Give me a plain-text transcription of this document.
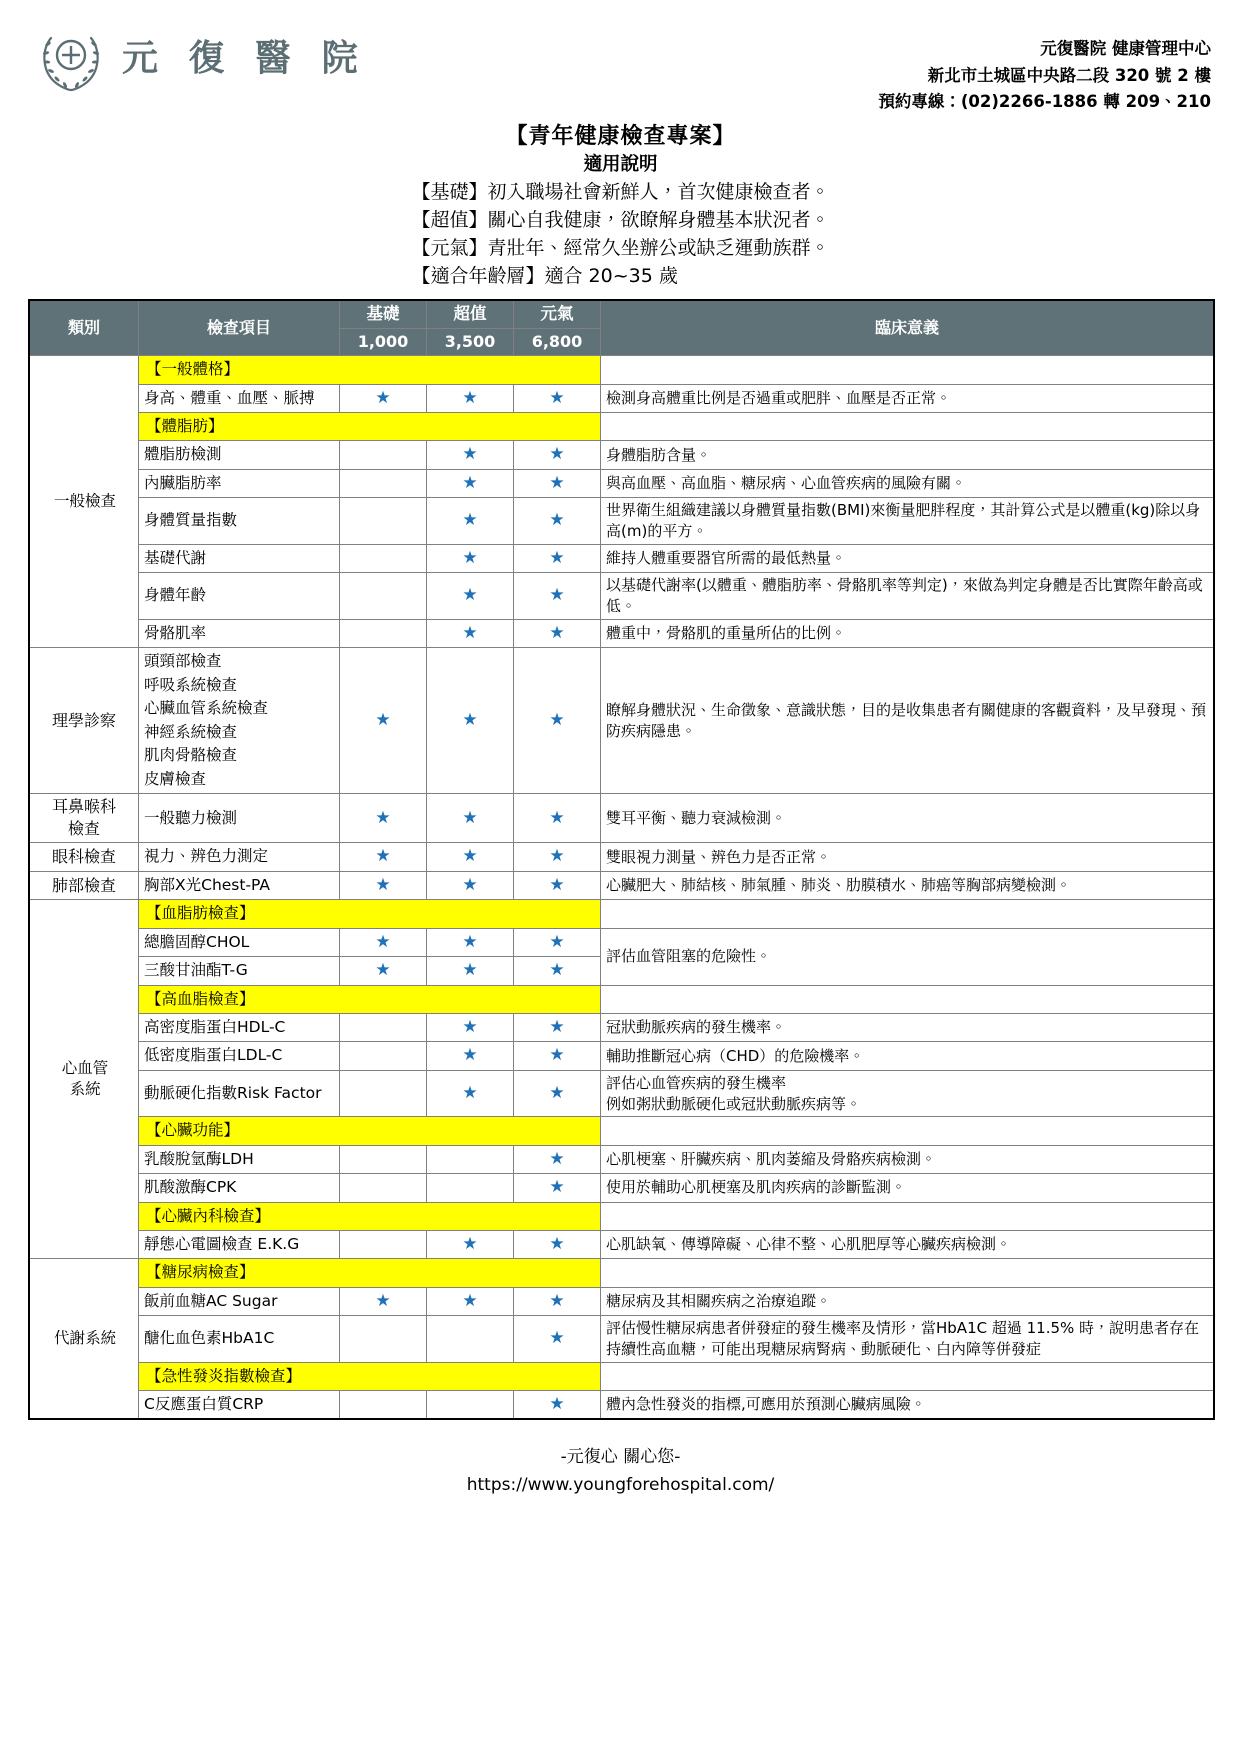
元 復 醫 院	元復醫院 健康管理中心
新北市土城區中央路二段 320 號 2 樓
預約專線：(02)2266-1886 轉 209、210
【青年健康檢查專案】
適用說明
【基礎】初入職場社會新鮮人，首次健康檢查者。
【超值】關心自我健康，欲瞭解身體基本狀況者。
【元氣】青壯年、經常久坐辦公或缺乏運動族群。
【適合年齡層】適合 20~35 歲
類別	檢查項目	基礎	超值	元氣	臨床意義
		1,000	3,500	6,800	
一般檢查	【一般體格】				
	身高、體重、血壓、脈搏	★	★	★	檢測身高體重比例是否過重或肥胖、血壓是否正常。
	【體脂肪】				
	體脂肪檢測		★	★	身體脂肪含量。
	內臟脂肪率		★	★	與高血壓、高血脂、糖尿病、心血管疾病的風險有關。
	身體質量指數		★	★	世界衛生組織建議以身體質量指數(BMI)來衡量肥胖程度，其計算公式是以體重(kg)除以身高(m)的平方。
	基礎代謝		★	★	維持人體重要器官所需的最低熱量。
	身體年齡		★	★	以基礎代謝率(以體重、體脂肪率、骨骼肌率等判定)，來做為判定身體是否比實際年齡高或低。
	骨骼肌率		★	★	體重中，骨骼肌的重量所佔的比例。
理學診察	頭頸部檢查
呼吸系統檢查
心臟血管系統檢查
神經系統檢查
肌肉骨骼檢查
皮膚檢查	★	★	★	瞭解身體狀況、生命徵象、意識狀態，目的是收集患者有關健康的客觀資料，及早發現、預防疾病隱患。
耳鼻喉科
檢查	一般聽力檢測	★	★	★	雙耳平衡、聽力衰減檢測。
眼科檢查	視力、辨色力測定	★	★	★	雙眼視力測量、辨色力是否正常。
肺部檢查	胸部X光Chest-PA	★	★	★	心臟肥大、肺結核、肺氣腫、肺炎、肋膜積水、肺癌等胸部病變檢測。
心血管
系統	【血脂肪檢查】				
	總膽固醇CHOL	★	★	★	評估血管阻塞的危險性。
	三酸甘油酯T-G	★	★	★	
	【高血脂檢查】				
	高密度脂蛋白HDL-C		★	★	冠狀動脈疾病的發生機率。
	低密度脂蛋白LDL-C		★	★	輔助推斷冠心病（CHD）的危險機率。
	動脈硬化指數Risk Factor		★	★	評估心血管疾病的發生機率
例如粥狀動脈硬化或冠狀動脈疾病等。
	【心臟功能】				
	乳酸脫氫酶LDH			★	心肌梗塞、肝臟疾病、肌肉萎縮及骨骼疾病檢測。
	肌酸激酶CPK			★	使用於輔助心肌梗塞及肌肉疾病的診斷監測。
	【心臟內科檢查】				
	靜態心電圖檢查 E.K.G		★	★	心肌缺氧、傳導障礙、心律不整、心肌肥厚等心臟疾病檢測。
代謝系統	【糖尿病檢查】				
	飯前血糖AC Sugar	★	★	★	糖尿病及其相關疾病之治療追蹤。
	醣化血色素HbA1C			★	評估慢性糖尿病患者併發症的發生機率及情形，當HbA1C 超過 11.5% 時，說明患者存在持續性高血糖，可能出現糖尿病腎病、動脈硬化、白內障等併發症
	【急性發炎指數檢查】				
	C反應蛋白質CRP			★	體內急性發炎的指標,可應用於預測心臟病風險。
-元復心 關心您-
https://www.youngforehospital.com/
